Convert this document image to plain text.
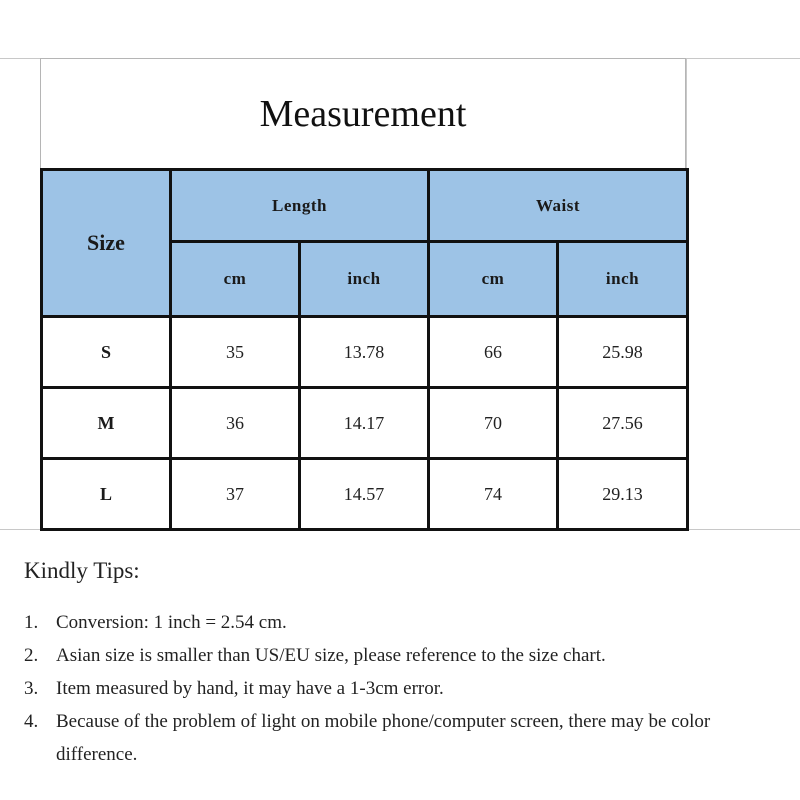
Measurement
Size	Length		Waist	
	cm	inch	cm	inch
S	35	13.78	66	25.98
M	36	14.17	70	27.56
L	37	14.57	74	29.13
Kindly Tips:
1. Conversion: 1 inch = 2.54 cm.
2. Asian size is smaller than US/EU size, please reference to the size chart.
3. Item measured by hand, it may have a 1-3cm error.
4. Because of the problem of light on mobile phone/computer screen, there may be color difference.
